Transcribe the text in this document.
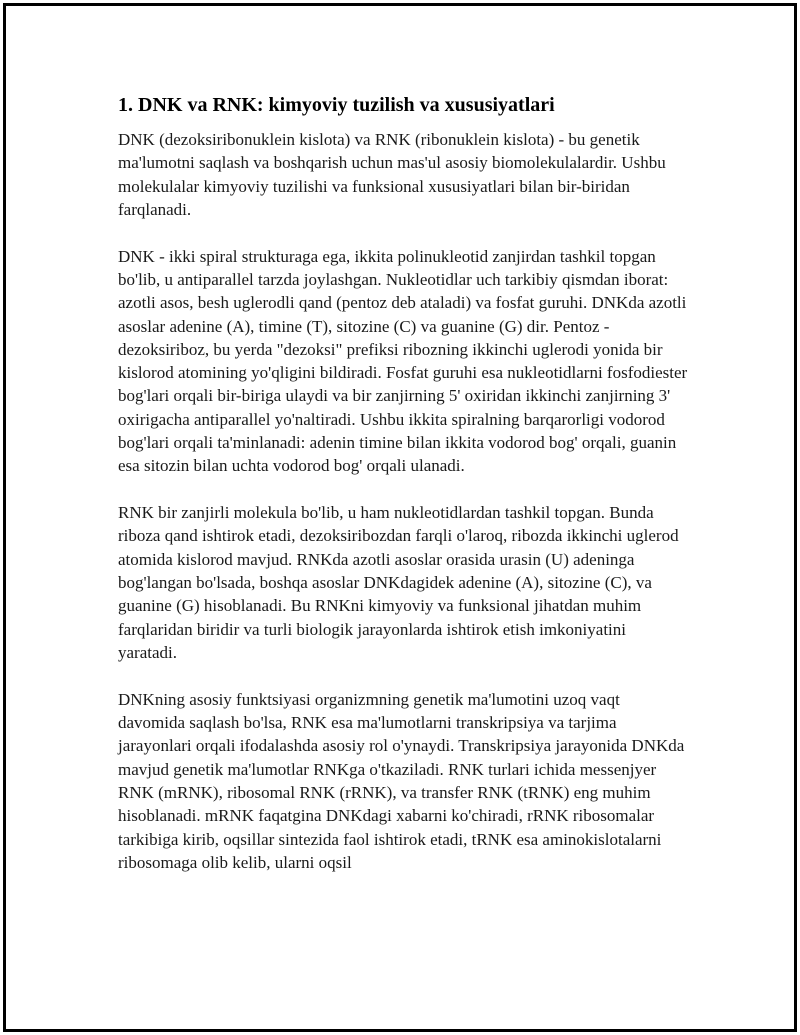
1. DNK va RNK: kimyoviy tuzilish va xususiyatlari

DNK (dezoksiribonuklein kislota) va RNK (ribonuklein kislota) - bu genetik ma'lumotni saqlash va boshqarish uchun mas'ul asosiy biomolekulalardir. Ushbu molekulalar kimyoviy tuzilishi va funksional xususiyatlari bilan bir-biridan farqlanadi.

DNK - ikki spiral strukturaga ega, ikkita polinukleotid zanjirdan tashkil topgan bo'lib, u antiparallel tarzda joylashgan. Nukleotidlar uch tarkibiy qismdan iborat: azotli asos, besh uglerodli qand (pentoz deb ataladi) va fosfat guruhi. DNKda azotli asoslar adenine (A), timine (T), sitozine (C) va guanine (G) dir. Pentoz - dezoksiriboz, bu yerda "dezoksi" prefiksi ribozning ikkinchi uglerodi yonida bir kislorod atomining yo'qligini bildiradi. Fosfat guruhi esa nukleotidlarni fosfodiester bog'lari orqali bir-biriga ulaydi va bir zanjirning 5' oxiridan ikkinchi zanjirning 3' oxirigacha antiparallel yo'naltiradi. Ushbu ikkita spiralning barqarorligi vodorod bog'lari orqali ta'minlanadi: adenin timine bilan ikkita vodorod bog' orqali, guanin esa sitozin bilan uchta vodorod bog' orqali ulanadi.

RNK bir zanjirli molekula bo'lib, u ham nukleotidlardan tashkil topgan. Bunda riboza qand ishtirok etadi, dezoksiribozdan farqli o'laroq, ribozda ikkinchi uglerod atomida kislorod mavjud. RNKda azotli asoslar orasida urasin (U) adeninga bog'langan bo'lsada, boshqa asoslar DNKdagidek adenine (A), sitozine (C), va guanine (G) hisoblanadi. Bu RNKni kimyoviy va funksional jihatdan muhim farqlaridan biridir va turli biologik jarayonlarda ishtirok etish imkoniyatini yaratadi.

DNKning asosiy funktsiyasi organizmning genetik ma'lumotini uzoq vaqt davomida saqlash bo'lsa, RNK esa ma'lumotlarni transkripsiya va tarjima jarayonlari orqali ifodalashda asosiy rol o'ynaydi. Transkripsiya jarayonida DNKda mavjud genetik ma'lumotlar RNKga o'tkaziladi. RNK turlari ichida messenjyer RNK (mRNK), ribosomal RNK (rRNK), va transfer RNK (tRNK) eng muhim hisoblanadi. mRNK faqatgina DNKdagi xabarni ko'chiradi, rRNK ribosomalar tarkibiga kirib, oqsillar sintezida faol ishtirok etadi, tRNK esa aminokislotalarni ribosomaga olib kelib, ularni oqsil
